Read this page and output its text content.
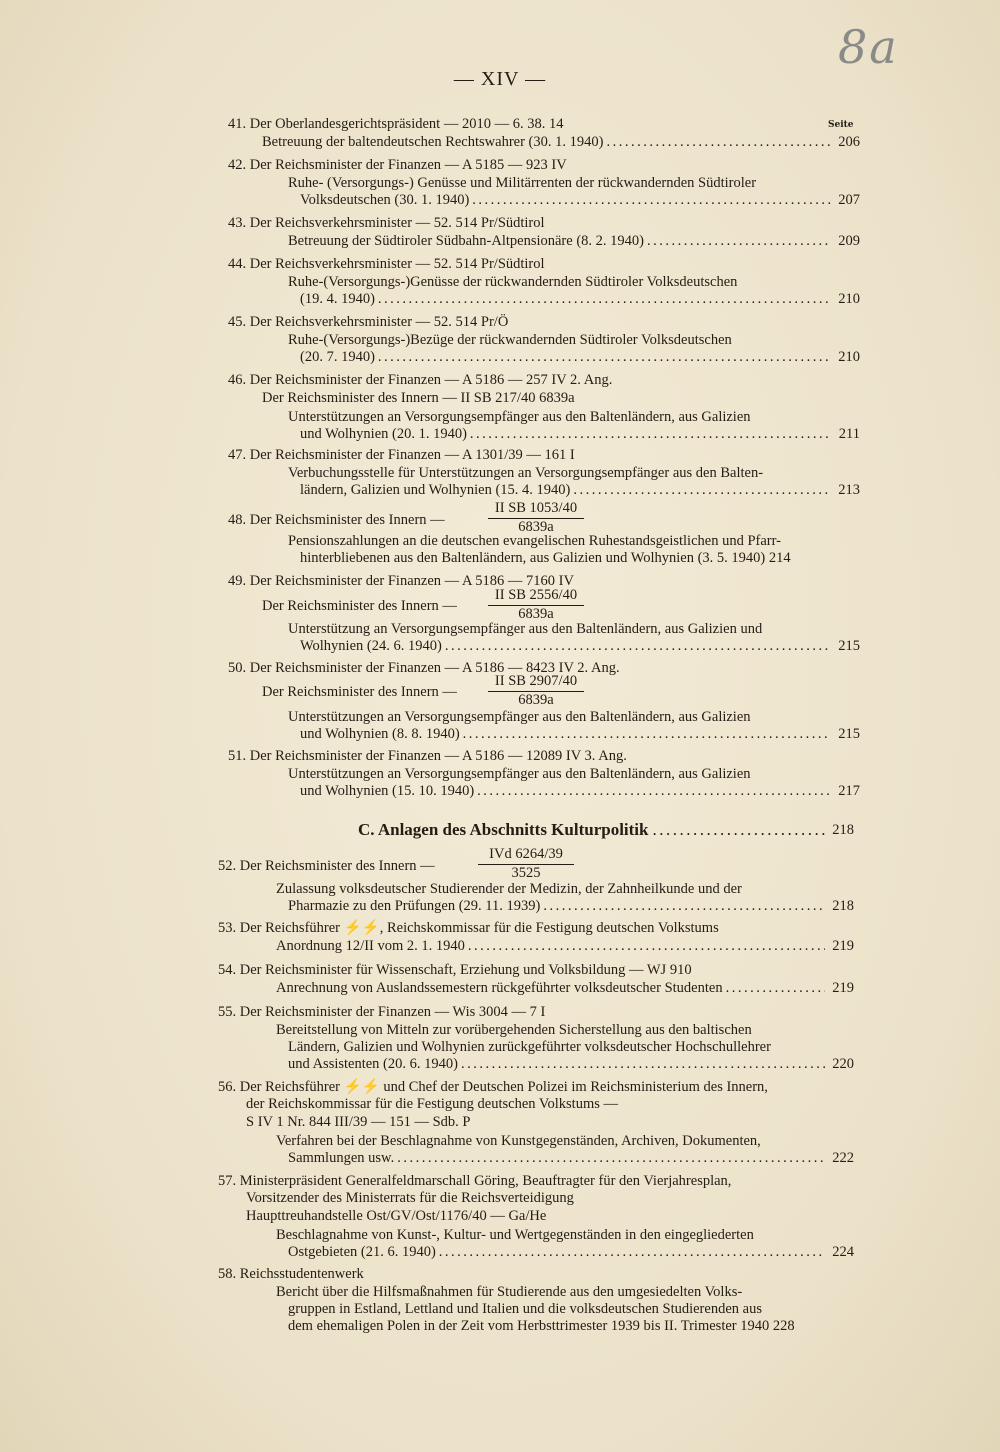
8a
— XIV —
Seite
41. Der Oberlandesgerichtspräsident — 2010 — 6. 38. 14
Betreuung der baltendeutschen Rechtswahrer (30. 1. 1940) .....	206
42. Der Reichsminister der Finanzen — A 5185 — 923 IV
Ruhe- (Versorgungs-) Genüsse und Militärrenten der rückwandernden Südtiroler
Volksdeutschen (30. 1. 1940) .....	207
43. Der Reichsverkehrsminister — 52. 514 Pr/Südtirol
Betreuung der Südtiroler Südbahn-Altpensionäre (8. 2. 1940) .....	209
44. Der Reichsverkehrsminister — 52. 514 Pr/Südtirol
Ruhe-(Versorgungs-)Genüsse der rückwandernden Südtiroler Volksdeutschen
(19. 4. 1940) .....	210
45. Der Reichsverkehrsminister — 52. 514 Pr/Ö
Ruhe-(Versorgungs-)Bezüge der rückwandernden Südtiroler Volksdeutschen
(20. 7. 1940) .....	210
46. Der Reichsminister der Finanzen — A 5186 — 257 IV 2. Ang.
Der Reichsminister des Innern — II SB 217/40 6839a
Unterstützungen an Versorgungsempfänger aus den Baltenländern, aus Galizien
und Wolhynien (20. 1. 1940) .....	211
47. Der Reichsminister der Finanzen — A 1301/39 — 161 I
Verbuchungsstelle für Unterstützungen an Versorgungsempfänger aus den Balten-
ländern, Galizien und Wolhynien (15. 4. 1940) .....	213
48. Der Reichsminister des Innern —	$\frac{\text{II SB 1053/40}}{6839a}$
Pensionszahlungen an die deutschen evangelischen Ruhestandsgeistlichen und Pfarr-
hinterbliebenen aus den Baltenländern, aus Galizien und Wolhynien (3. 5. 1940) 214
49. Der Reichsminister der Finanzen — A 5186 — 7160 IV
Der Reichsminister des Innern — $\frac{\text{II SB 2556/40}}{6839a}$
Unterstützung an Versorgungsempfänger aus den Baltenländern, aus Galizien und
Wolhynien (24. 6. 1940) .....	215
50. Der Reichsminister der Finanzen — A 5186 — 8423 IV 2. Ang.
Der Reichsminister des Innern — $\frac{\text{II SB 2907/40}}{6839a}$
Unterstützungen an Versorgungsempfänger aus den Baltenländern, aus Galizien
und Wolhynien (8. 8. 1940) .....	215
51. Der Reichsminister der Finanzen — A 5186 — 12089 IV 3. Ang.
Unterstützungen an Versorgungsempfänger aus den Baltenländern, aus Galizien
und Wolhynien (15. 10. 1940) .....	217
C. Anlagen des Abschnitts Kulturpolitik .....	218
52. Der Reichsminister des Innern —
IVd 6264/39
3525
Zulassung volksdeutscher Studierender der Medizin, der Zahnheilkunde und der
Pharmazie zu den Prüfungen (29. 11. 1939) .....	218
53. Der Reichsführer ⚡⚡, Reichskommissar für die Festigung deutschen Volkstums
Anordnung 12/II vom 2. 1. 1940 .....	219
54. Der Reichsminister für Wissenschaft, Erziehung und Volksbildung — WJ 910
Anrechnung von Auslandssemestern rückgeführter volksdeutscher Studenten .....	219
55. Der Reichsminister der Finanzen — Wis 3004 — 7 I
Bereitstellung von Mitteln zur vorübergehenden Sicherstellung aus den baltischen
Ländern, Galizien und Wolhynien zurückgeführter volksdeutscher Hochschullehrer
und Assistenten (20. 6. 1940) .....	220
56. Der Reichsführer ⚡⚡ und Chef der Deutschen Polizei im Reichsministerium des Innern,
der Reichskommissar für die Festigung deutschen Volkstums —
S IV 1 Nr. 844 III/39 — 151 — Sdb. P
Verfahren bei der Beschlagnahme von Kunstgegenständen, Archiven, Dokumenten,
Sammlungen usw. .....	222
57. Ministerpräsident Generalfeldmarschall Göring, Beauftragter für den Vierjahresplan,
Vorsitzender des Ministerrats für die Reichsverteidigung
Haupttreuhandstelle Ost/GV/Ost/1176/40 — Ga/He
Beschlagnahme von Kunst-, Kultur- und Wertgegenständen in den eingegliederten
Ostgebieten (21. 6. 1940) .....	224
58. Reichsstudentenwerk
Bericht über die Hilfsmaßnahmen für Studierende aus den umgesiedelten Volks-
gruppen in Estland, Lettland und Italien und die volksdeutschen Studierenden aus
dem ehemaligen Polen in der Zeit vom Herbsttrimester 1939 bis II. Trimester 1940 228
